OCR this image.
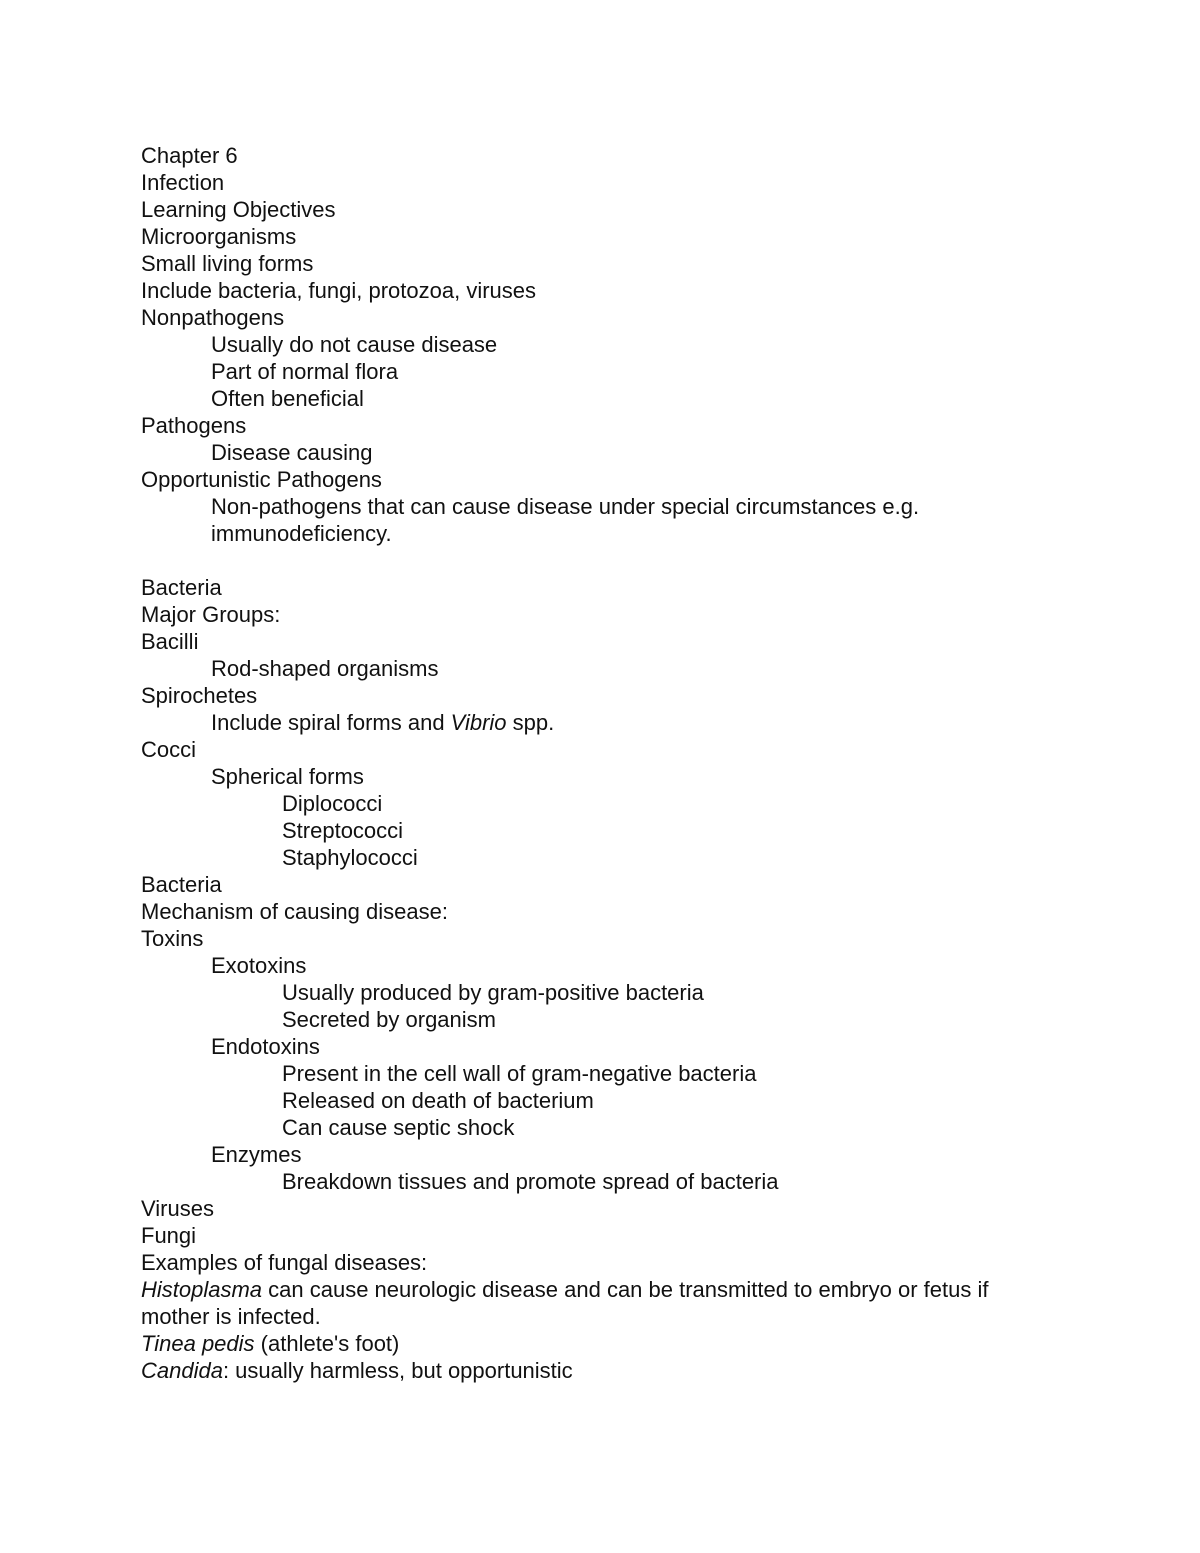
Chapter 6
Infection
Learning Objectives
Microorganisms
Small living forms
Include bacteria, fungi, protozoa, viruses
Nonpathogens
Usually do not cause disease
Part of normal flora
Often beneficial
Pathogens
Disease causing
Opportunistic Pathogens
Non-pathogens that can cause disease under special circumstances e.g.
immunodeficiency.
Bacteria
Major Groups:
Bacilli
Rod-shaped organisms
Spirochetes
Include spiral forms and Vibrio spp.
Cocci
Spherical forms
Diplococci
Streptococci
Staphylococci
Bacteria
Mechanism of causing disease:
Toxins
Exotoxins
Usually produced by gram-positive bacteria
Secreted by organism
Endotoxins
Present in the cell wall of gram-negative bacteria
Released on death of bacterium
Can cause septic shock
Enzymes
Breakdown tissues and promote spread of bacteria
Viruses
Fungi
Examples of fungal diseases:
Histoplasma can cause neurologic disease and can be transmitted to embryo or fetus if
mother is infected.
Tinea pedis (athlete's foot)
Candida: usually harmless, but opportunistic
